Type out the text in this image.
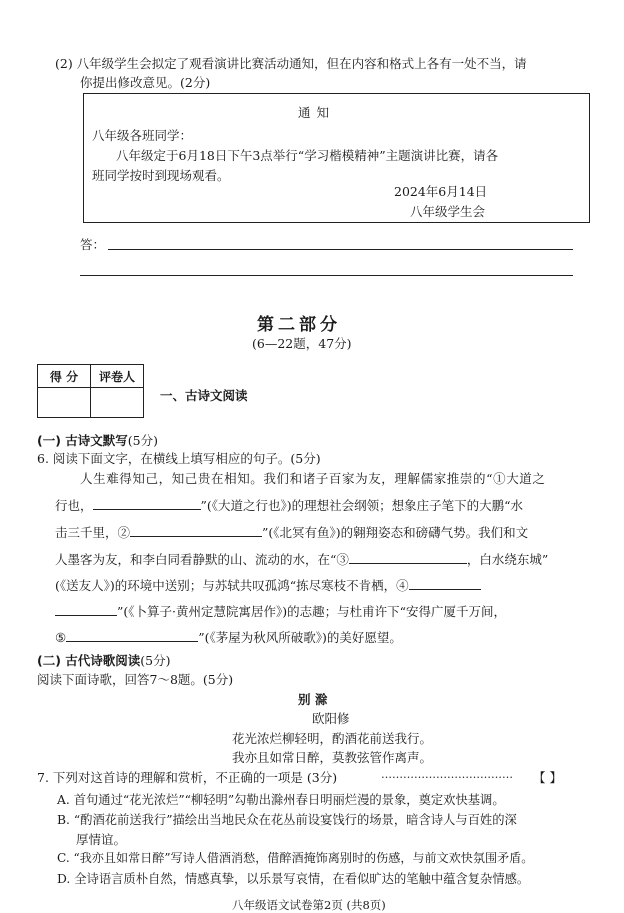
(2) 八年级学生会拟定了观看演讲比赛活动通知，但在内容和格式上各有一处不当，请
你提出修改意见。(2分)
通 知
八年级各班同学：
八年级定于6月18日下午3点举行“学习楷模精神”主题演讲比赛，请各
班同学按时到现场观看。
2024年6月14日
八年级学生会
答：
第二部分
(6—22题，47分)
得 分	评卷人

一、古诗文阅读
(一) 古诗文默写(5分)
6. 阅读下面文字，在横线上填写相应的句子。(5分)
人生难得知己，知己贵在相知。我们和诸子百家为友，理解儒家推崇的“①大道之
行也，	”(《大道之行也》)的理想社会纲领；想象庄子笔下的大鹏“水
击三千里，②	”(《北冥有鱼》)的翱翔姿态和磅礴气势。我们和文
人墨客为友，和李白同看静默的山、流动的水，在“③	，白水绕东城”
(《送友人》)的环境中送别；与苏轼共叹孤鸿“拣尽寒枝不肯栖，④
”(《卜算子·黄州定慧院寓居作》)的志趣；与杜甫许下“安得广厦千万间，
⑤	”(《茅屋为秋风所破歌》)的美好愿望。
(二) 古代诗歌阅读(5分)
阅读下面诗歌，回答7～8题。(5分)
别 滁
欧阳修
花光浓烂柳轻明，酌酒花前送我行。
我亦且如常日醉，莫教弦管作离声。
7. 下列对这首诗的理解和赏析，不正确的一项是 (3分)	……………………………… 【 】
A. 首句通过“花光浓烂”“柳轻明”勾勒出滁州春日明丽烂漫的景象，奠定欢快基调。
B. “酌酒花前送我行”描绘出当地民众在花丛前设宴饯行的场景，暗含诗人与百姓的深
厚情谊。
C. “我亦且如常日醉”写诗人借酒消愁，借醉酒掩饰离别时的伤感，与前文欢快氛围矛盾。
D. 全诗语言质朴自然，情感真挚，以乐景写哀情，在看似旷达的笔触中蕴含复杂情感。
八年级语文试卷第2页 (共8页)
